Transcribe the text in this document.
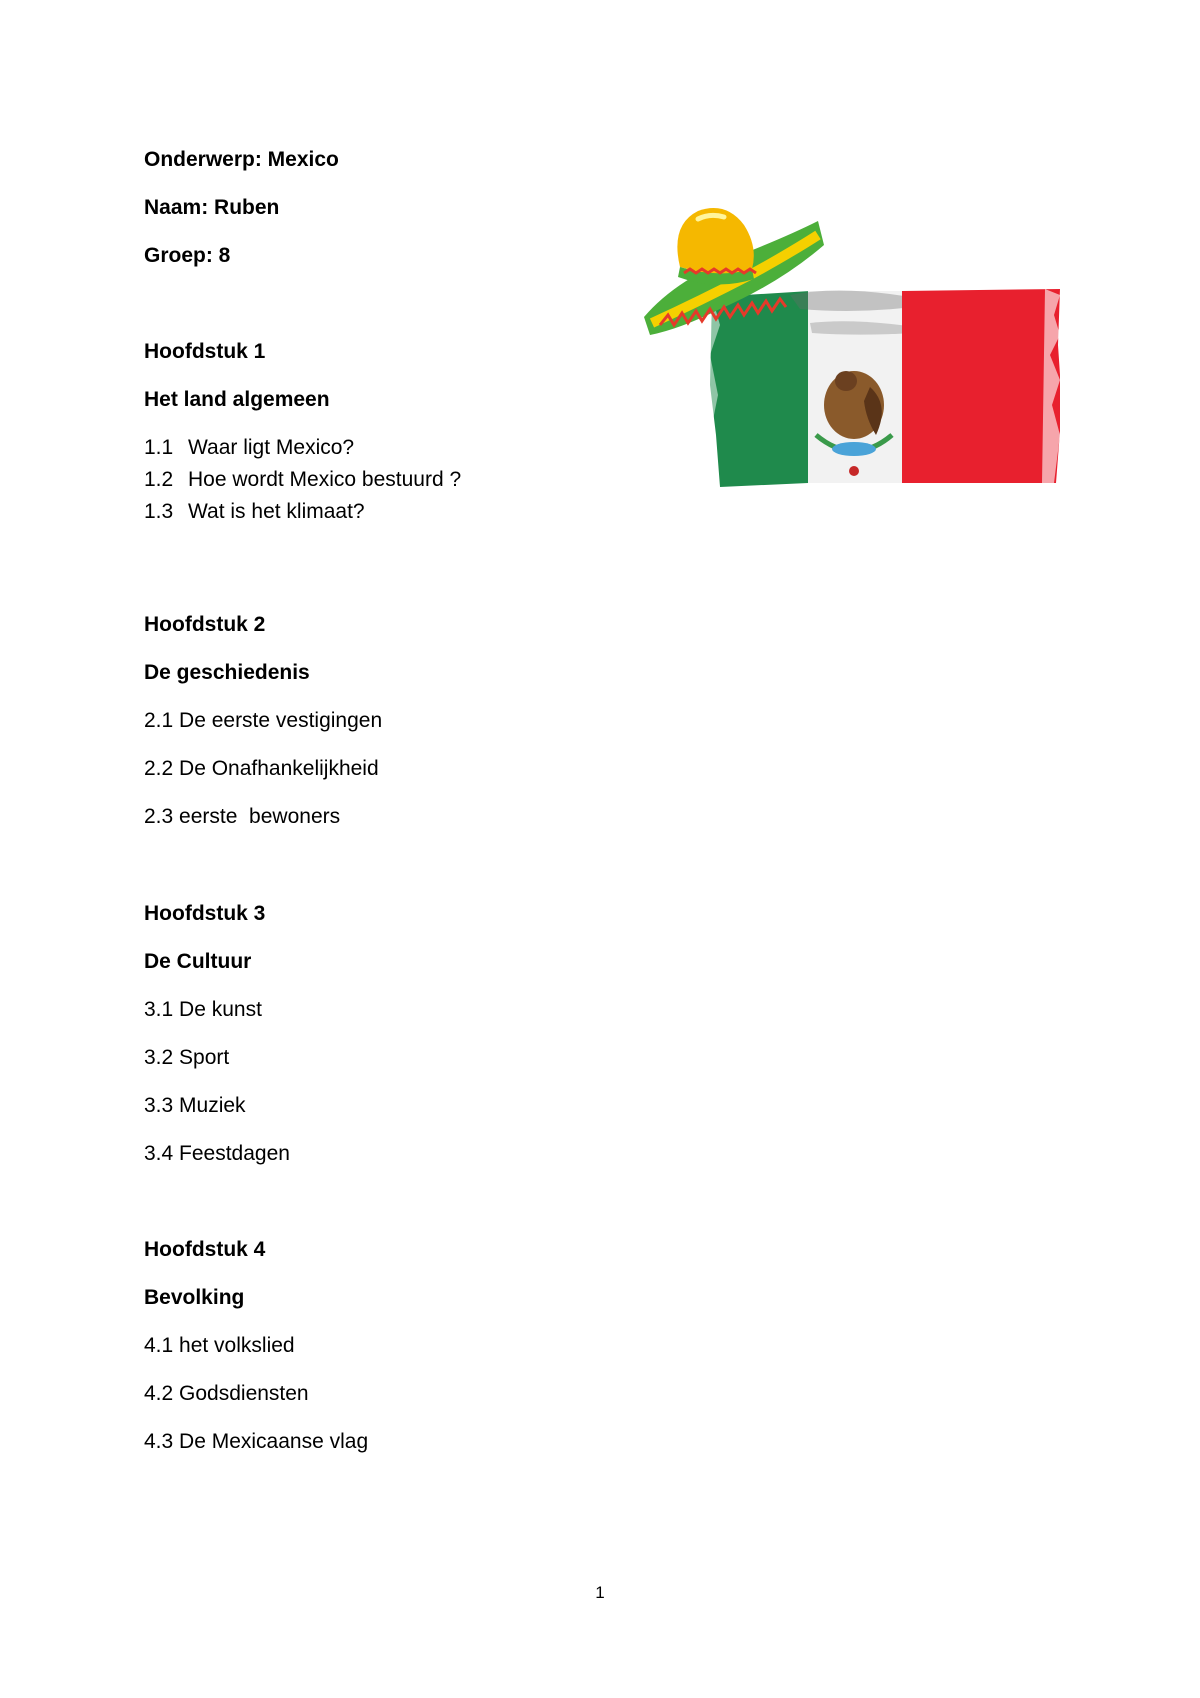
Onderwerp: Mexico
Naam: Ruben
Groep: 8
Hoofdstuk 1
Het land algemeen
1.1 Waar ligt Mexico?
1.2 Hoe wordt Mexico bestuurd ?
1.3 Wat is het klimaat?
Hoofdstuk 2
De geschiedenis
2.1 De eerste vestigingen
2.2 De Onafhankelijkheid
2.3 eerste  bewoners
Hoofdstuk 3
De Cultuur
3.1 De kunst
3.2 Sport
3.3 Muziek
3.4 Feestdagen
Hoofdstuk 4
Bevolking
4.1 het volkslied
4.2 Godsdiensten
4.3 De Mexicaanse vlag
1
